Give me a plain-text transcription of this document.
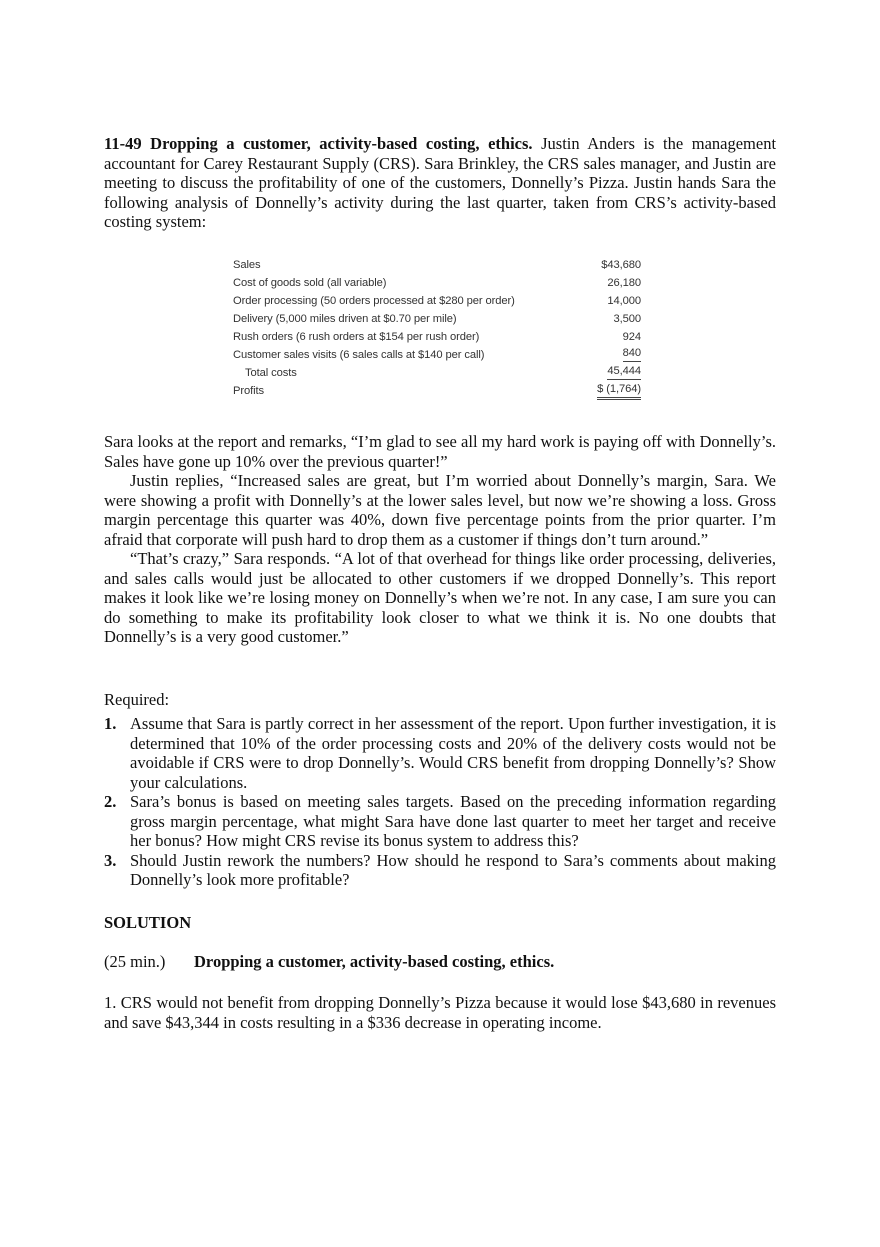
11-49 Dropping a customer, activity-based costing, ethics. Justin Anders is the management accountant for Carey Restaurant Supply (CRS). Sara Brinkley, the CRS sales manager, and Justin are meeting to discuss the profitability of one of the customers, Donnelly’s Pizza. Justin hands Sara the following analysis of Donnelly’s activity during the last quarter, taken from CRS’s activity-based costing system:

Sales	$43,680
Cost of goods sold (all variable)	26,180
Order processing (50 orders processed at $280 per order)	14,000
Delivery (5,000 miles driven at $0.70 per mile)	3,500
Rush orders (6 rush orders at $154 per rush order)	924
Customer sales visits (6 sales calls at $140 per call)	840
Total costs	45,444
Profits	$ (1,764)

Sara looks at the report and remarks, “I’m glad to see all my hard work is paying off with Donnelly’s. Sales have gone up 10% over the previous quarter!”

Justin replies, “Increased sales are great, but I’m worried about Donnelly’s margin, Sara. We were showing a profit with Donnelly’s at the lower sales level, but now we’re showing a loss. Gross margin percentage this quarter was 40%, down five percentage points from the prior quarter. I’m afraid that corporate will push hard to drop them as a customer if things don’t turn around.”

“That’s crazy,” Sara responds. “A lot of that overhead for things like order processing, deliveries, and sales calls would just be allocated to other customers if we dropped Donnelly’s. This report makes it look like we’re losing money on Donnelly’s when we’re not. In any case, I am sure you can do something to make its profitability look closer to what we think it is. No one doubts that Donnelly’s is a very good customer.”

Required:

1. Assume that Sara is partly correct in her assessment of the report. Upon further investigation, it is determined that 10% of the order processing costs and 20% of the delivery costs would not be avoidable if CRS were to drop Donnelly’s. Would CRS benefit from dropping Donnelly’s? Show your calculations.

2. Sara’s bonus is based on meeting sales targets. Based on the preceding information regarding gross margin percentage, what might Sara have done last quarter to meet her target and receive her bonus? How might CRS revise its bonus system to address this?

3. Should Justin rework the numbers? How should he respond to Sara’s comments about making Donnelly’s look more profitable?

SOLUTION

(25 min.) Dropping a customer, activity-based costing, ethics.

1. CRS would not benefit from dropping Donnelly’s Pizza because it would lose $43,680 in revenues and save $43,344 in costs resulting in a $336 decrease in operating income.
